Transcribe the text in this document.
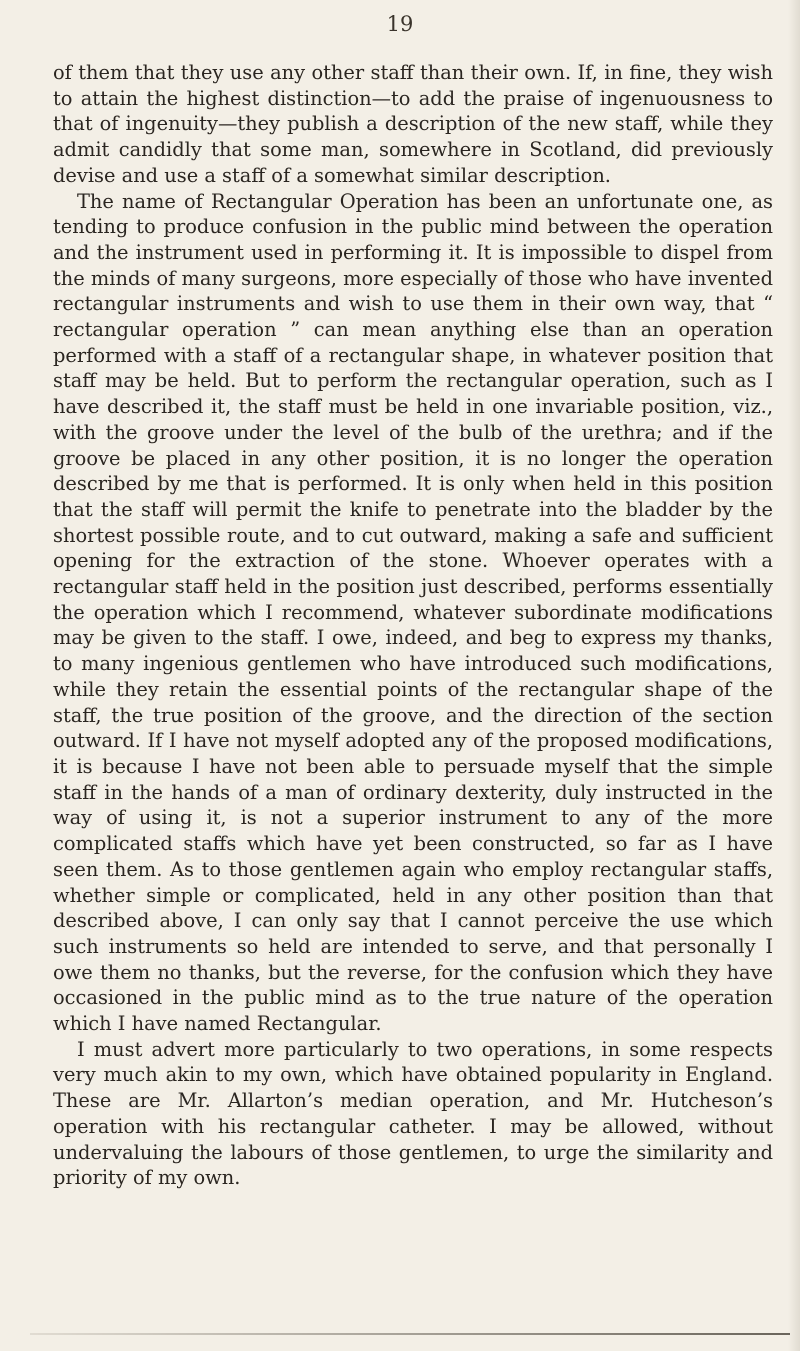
19

of them that they use any other staff than their own. If, in fine, they wish to attain the highest distinction—to add the praise of ingenuousness to that of ingenuity—they publish a description of the new staff, while they admit candidly that some man, somewhere in Scotland, did previously devise and use a staff of a somewhat similar description.

The name of Rectangular Operation has been an unfortunate one, as tending to produce confusion in the public mind between the operation and the instrument used in performing it. It is impossible to dispel from the minds of many surgeons, more especially of those who have invented rectangular instruments and wish to use them in their own way, that “ rectangular operation ” can mean anything else than an operation performed with a staff of a rectangular shape, in whatever position that staff may be held. But to perform the rectangular operation, such as I have described it, the staff must be held in one invariable position, viz., with the groove under the level of the bulb of the urethra; and if the groove be placed in any other position, it is no longer the operation described by me that is performed. It is only when held in this position that the staff will permit the knife to penetrate into the bladder by the shortest possible route, and to cut outward, making a safe and sufficient opening for the extraction of the stone. Whoever operates with a rectangular staff held in the position just described, performs essentially the operation which I recommend, whatever subordinate modifications may be given to the staff. I owe, indeed, and beg to express my thanks, to many ingenious gentlemen who have introduced such modifications, while they retain the essential points of the rectangular shape of the staff, the true position of the groove, and the direction of the section outward. If I have not myself adopted any of the proposed modifications, it is because I have not been able to persuade myself that the simple staff in the hands of a man of ordinary dexterity, duly instructed in the way of using it, is not a superior instrument to any of the more complicated staffs which have yet been constructed, so far as I have seen them. As to those gentlemen again who employ rectangular staffs, whether simple or complicated, held in any other position than that described above, I can only say that I cannot perceive the use which such instruments so held are intended to serve, and that personally I owe them no thanks, but the reverse, for the confusion which they have occasioned in the public mind as to the true nature of the operation which I have named Rectangular.

I must advert more particularly to two operations, in some respects very much akin to my own, which have obtained popularity in England. These are Mr. Allarton’s median operation, and Mr. Hutcheson’s operation with his rectangular catheter. I may be allowed, without undervaluing the labours of those gentlemen, to urge the similarity and priority of my own.
